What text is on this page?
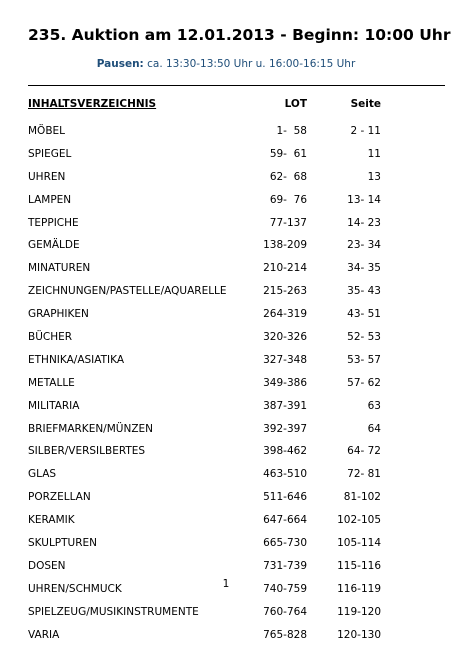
235. Auktion am 12.01.2013 - Beginn: 10:00 Uhr
Pausen: ca. 13:30-13:50 Uhr u. 16:00-16:15 Uhr
INHALTSVERZEICHNIS	LOT	Seite
MÖBEL	1-  58	2 - 11
SPIEGEL	59-  61	11
UHREN	62-  68	13
LAMPEN	69-  76	13- 14
TEPPICHE	77-137	14- 23
GEMÄLDE	138-209	23- 34
MINATUREN	210-214	34- 35
ZEICHNUNGEN/PASTELLE/AQUARELLE	215-263	35- 43
GRAPHIKEN	264-319	43- 51
BÜCHER	320-326	52- 53
ETHNIKA/ASIATIKA	327-348	53- 57
METALLE	349-386	57- 62
MILITARIA	387-391	63
BRIEFMARKEN/MÜNZEN	392-397	64
SILBER/VERSILBERTES	398-462	64- 72
GLAS	463-510	72- 81
PORZELLAN	511-646	81-102
KERAMIK	647-664	102-105
SKULPTUREN	665-730	105-114
DOSEN	731-739	115-116
UHREN/SCHMUCK	740-759	116-119
SPIELZEUG/MUSIKINSTRUMENTE	760-764	119-120
VARIA	765-828	120-130
1
